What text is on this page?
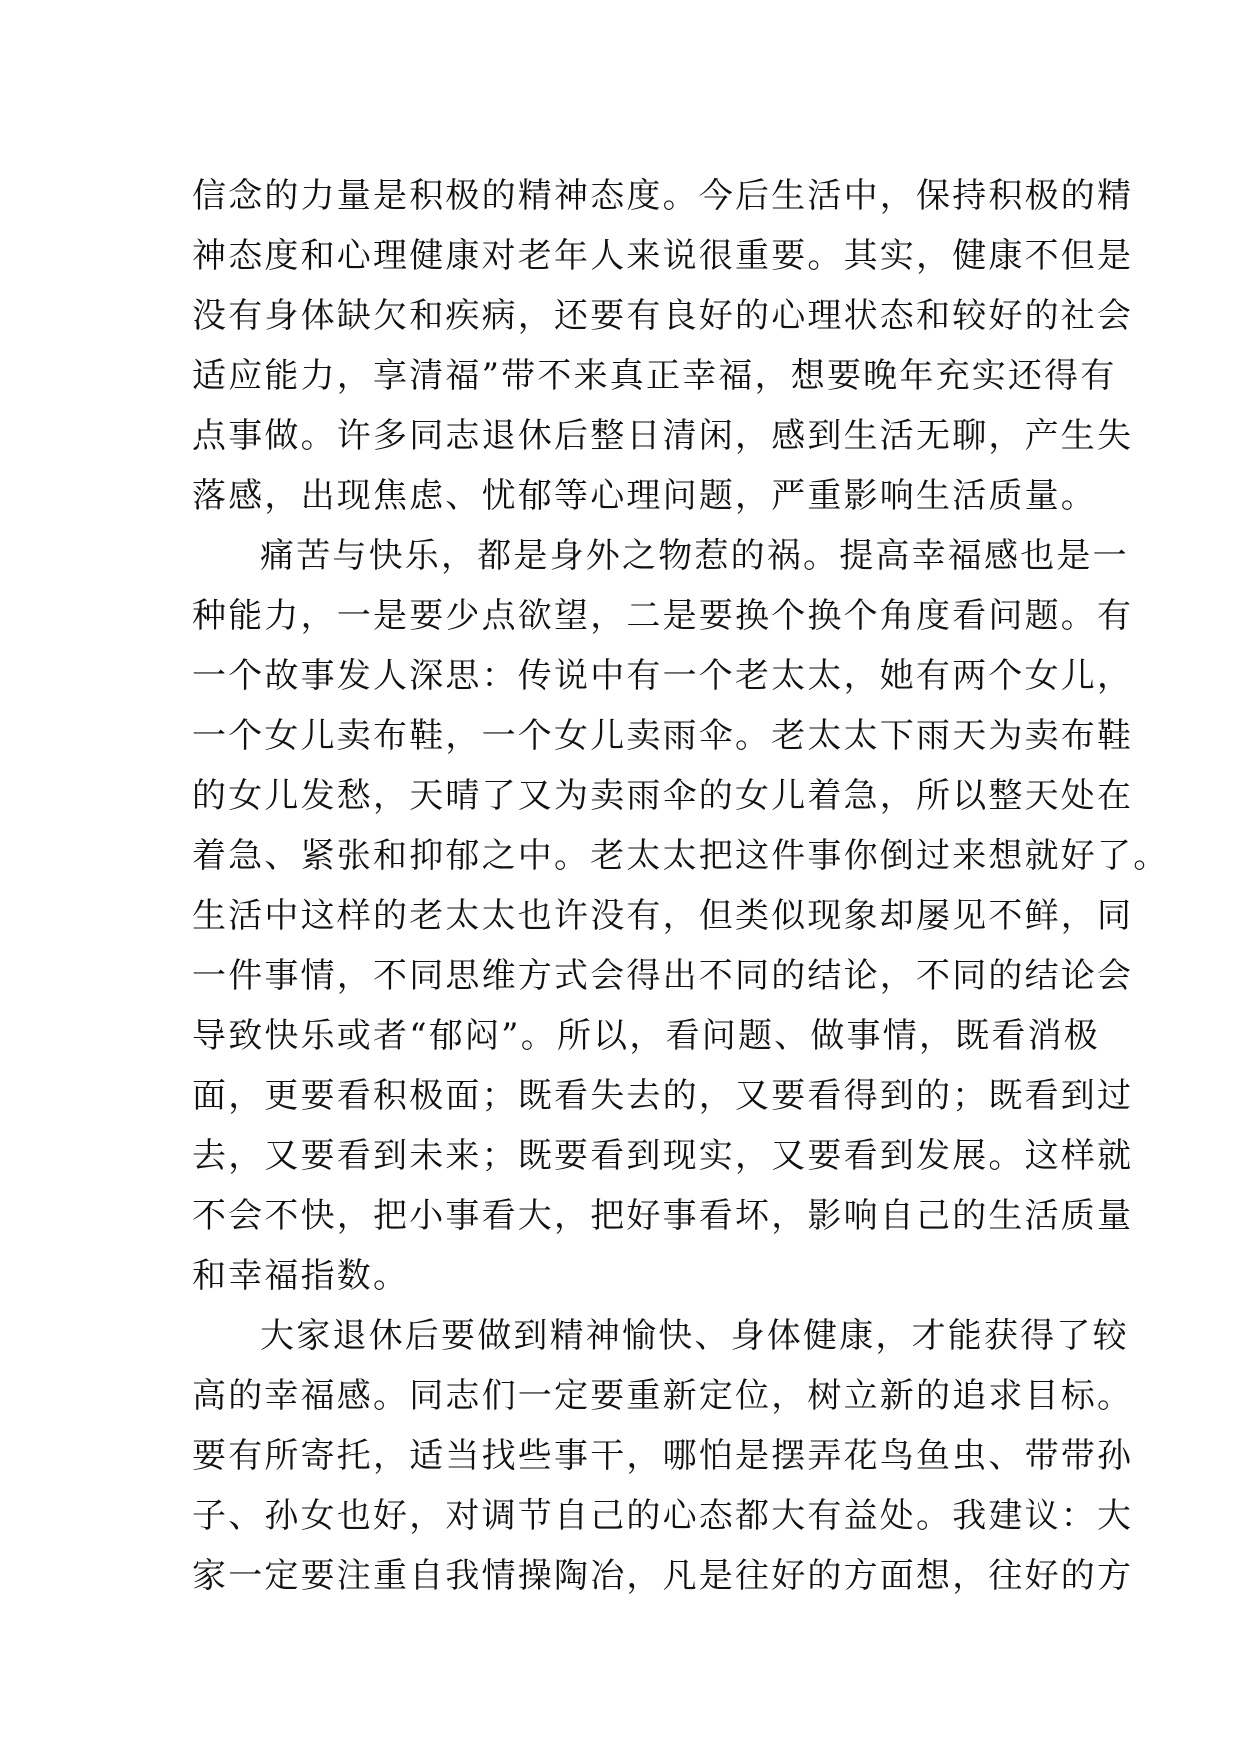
信念的力量是积极的精神态度。今后生活中，保持积极的精
神态度和心理健康对老年人来说很重要。其实，健康不但是
没有身体缺欠和疾病，还要有良好的心理状态和较好的社会
适应能力，享清福”带不来真正幸福，想要晚年充实还得有
点事做。许多同志退休后整日清闲，感到生活无聊，产生失
落感，出现焦虑、忧郁等心理问题，严重影响生活质量。
痛苦与快乐，都是身外之物惹的祸。提高幸福感也是一
种能力，一是要少点欲望，二是要换个换个角度看问题。有
一个故事发人深思：传说中有一个老太太，她有两个女儿，
一个女儿卖布鞋，一个女儿卖雨伞。老太太下雨天为卖布鞋
的女儿发愁，天晴了又为卖雨伞的女儿着急，所以整天处在
着急、紧张和抑郁之中。老太太把这件事你倒过来想就好了。
生活中这样的老太太也许没有，但类似现象却屡见不鲜，同
一件事情，不同思维方式会得出不同的结论，不同的结论会
导致快乐或者“郁闷”。所以，看问题、做事情，既看消极
面，更要看积极面；既看失去的，又要看得到的；既看到过
去，又要看到未来；既要看到现实，又要看到发展。这样就
不会不快，把小事看大，把好事看坏，影响自己的生活质量
和幸福指数。
大家退休后要做到精神愉快、身体健康，才能获得了较
高的幸福感。同志们一定要重新定位，树立新的追求目标。
要有所寄托，适当找些事干，哪怕是摆弄花鸟鱼虫、带带孙
子、孙女也好，对调节自己的心态都大有益处。我建议：大
家一定要注重自我情操陶冶，凡是往好的方面想，往好的方
